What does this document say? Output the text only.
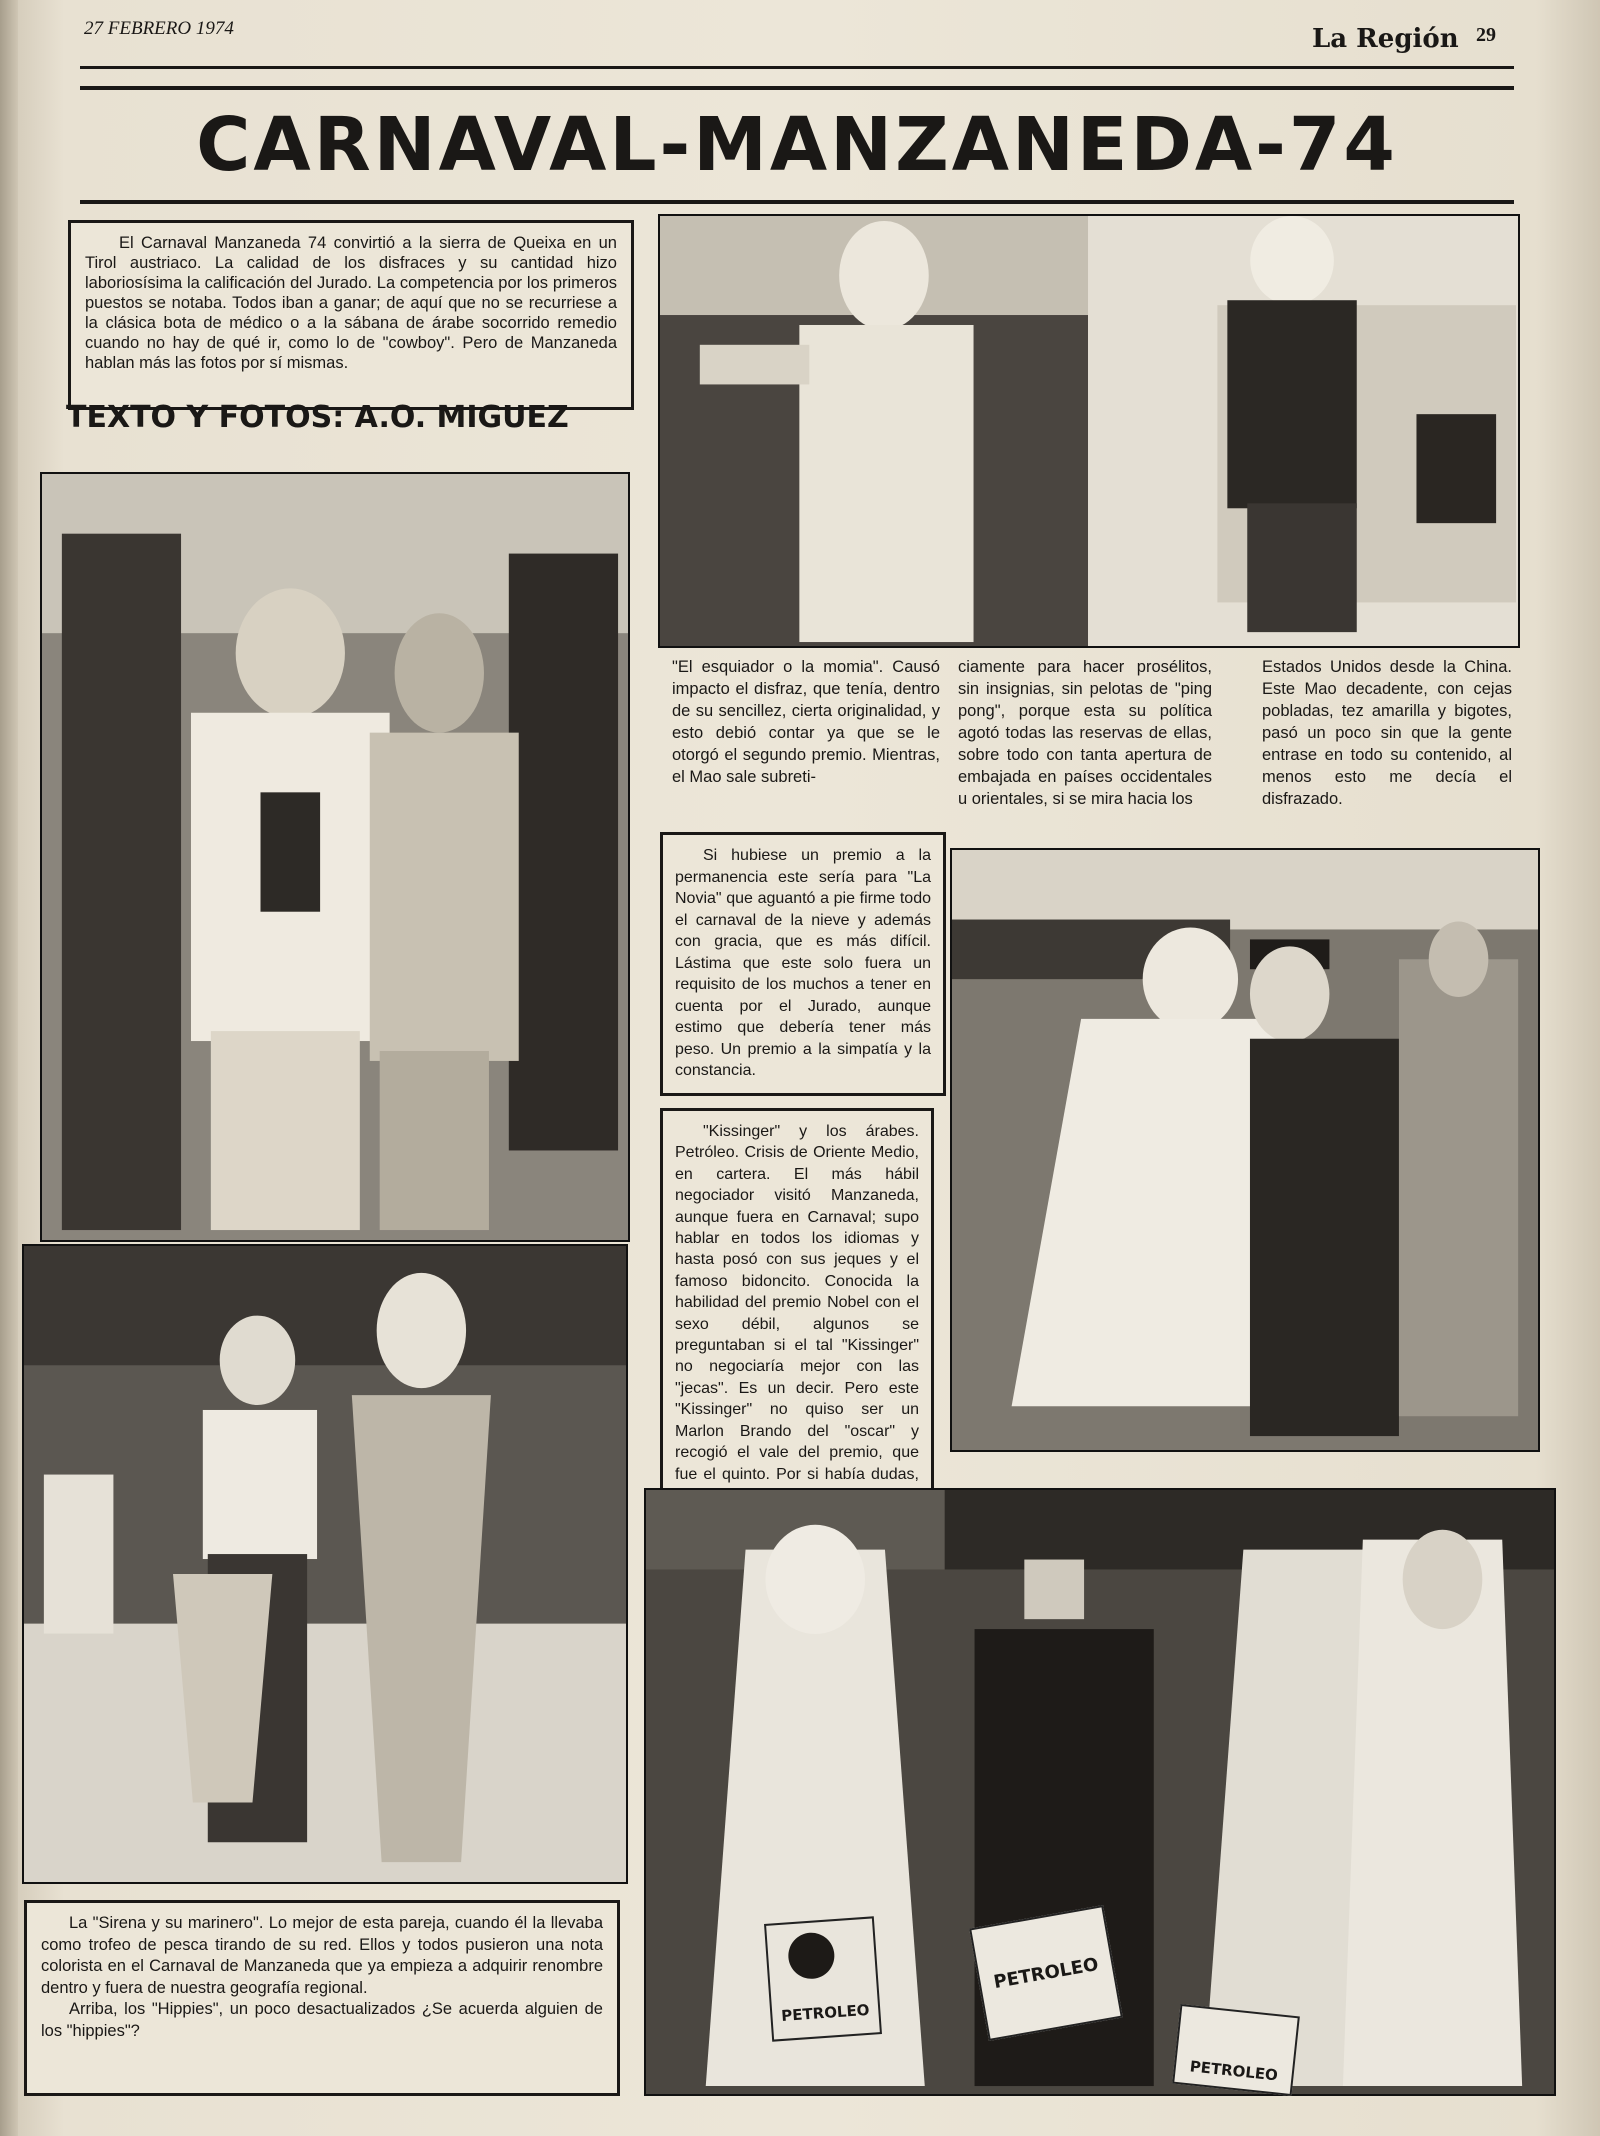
27 FEBRERO 1974	La Región 29
CARNAVAL-MANZANEDA-74

El Carnaval Manzaneda 74 convirtió a la sierra de Queixa en un Tirol austriaco. La calidad de los disfraces y su cantidad hizo laboriosísima la calificación del Jurado. La competencia por los primeros puestos se notaba. Todos iban a ganar; de aquí que no se recurriese a la clásica bota de médico o a la sábana de árabe socorrido remedio cuando no hay de qué ir, como lo de "cowboy". Pero de Manzaneda hablan más las fotos por sí mismas.

TEXTO Y FOTOS: A.O. MIGUEZ
"El esquiador o la momia". Causó impacto el disfraz, que tenía, dentro de su sencillez, cierta originalidad, y esto debió contar ya que se le otorgó el segundo premio. Mientras, el Mao sale subreti-
ciamente para hacer prosélitos, sin insignias, sin pelotas de "ping pong", porque esta su política agotó todas las reservas de ellas, sobre todo con tanta apertura de embajada en países occidentales u orientales, si se mira hacia los
Estados Unidos desde la China. Este Mao decadente, con cejas pobladas, tez amarilla y bigotes, pasó un poco sin que la gente entrase en todo su contenido, al menos esto me decía el disfrazado.
Si hubiese un premio a la permanencia este sería para "La Novia" que aguantó a pie firme todo el carnaval de la nieve y además con gracia, que es más difícil. Lástima que este solo fuera un requisito de los muchos a tener en cuenta por el Jurado, aunque estimo que debería tener más peso. Un premio a la simpatía y la constancia.
"Kissinger" y los árabes. Petróleo. Crisis de Oriente Medio, en cartera. El más hábil negociador visitó Manzaneda, aunque fuera en Carnaval; supo hablar en todos los idiomas y hasta posó con sus jeques y el famoso bidoncito. Conocida la habilidad del premio Nobel con el sexo débil, algunos se preguntaban si el tal "Kissinger" no negociaría mejor con las "jecas". Es un decir. Pero este "Kissinger" no quiso ser un Marlon Brando del "oscar" y recogió el vale del premio, que fue el quinto. Por si había dudas,
La "Sirena y su marinero". Lo mejor de esta pareja, cuando él la llevaba como trofeo de pesca tirando de su red. Ellos y todos pusieron una nota colorista en el Carnaval de Manzaneda que ya empieza a adquirir renombre dentro y fuera de nuestra geografía regional.
Arriba, los "Hippies", un poco desactualizados ¿Se acuerda alguien de los "hippies"?
PETROLEO
PETROLEO
PETROLEO
